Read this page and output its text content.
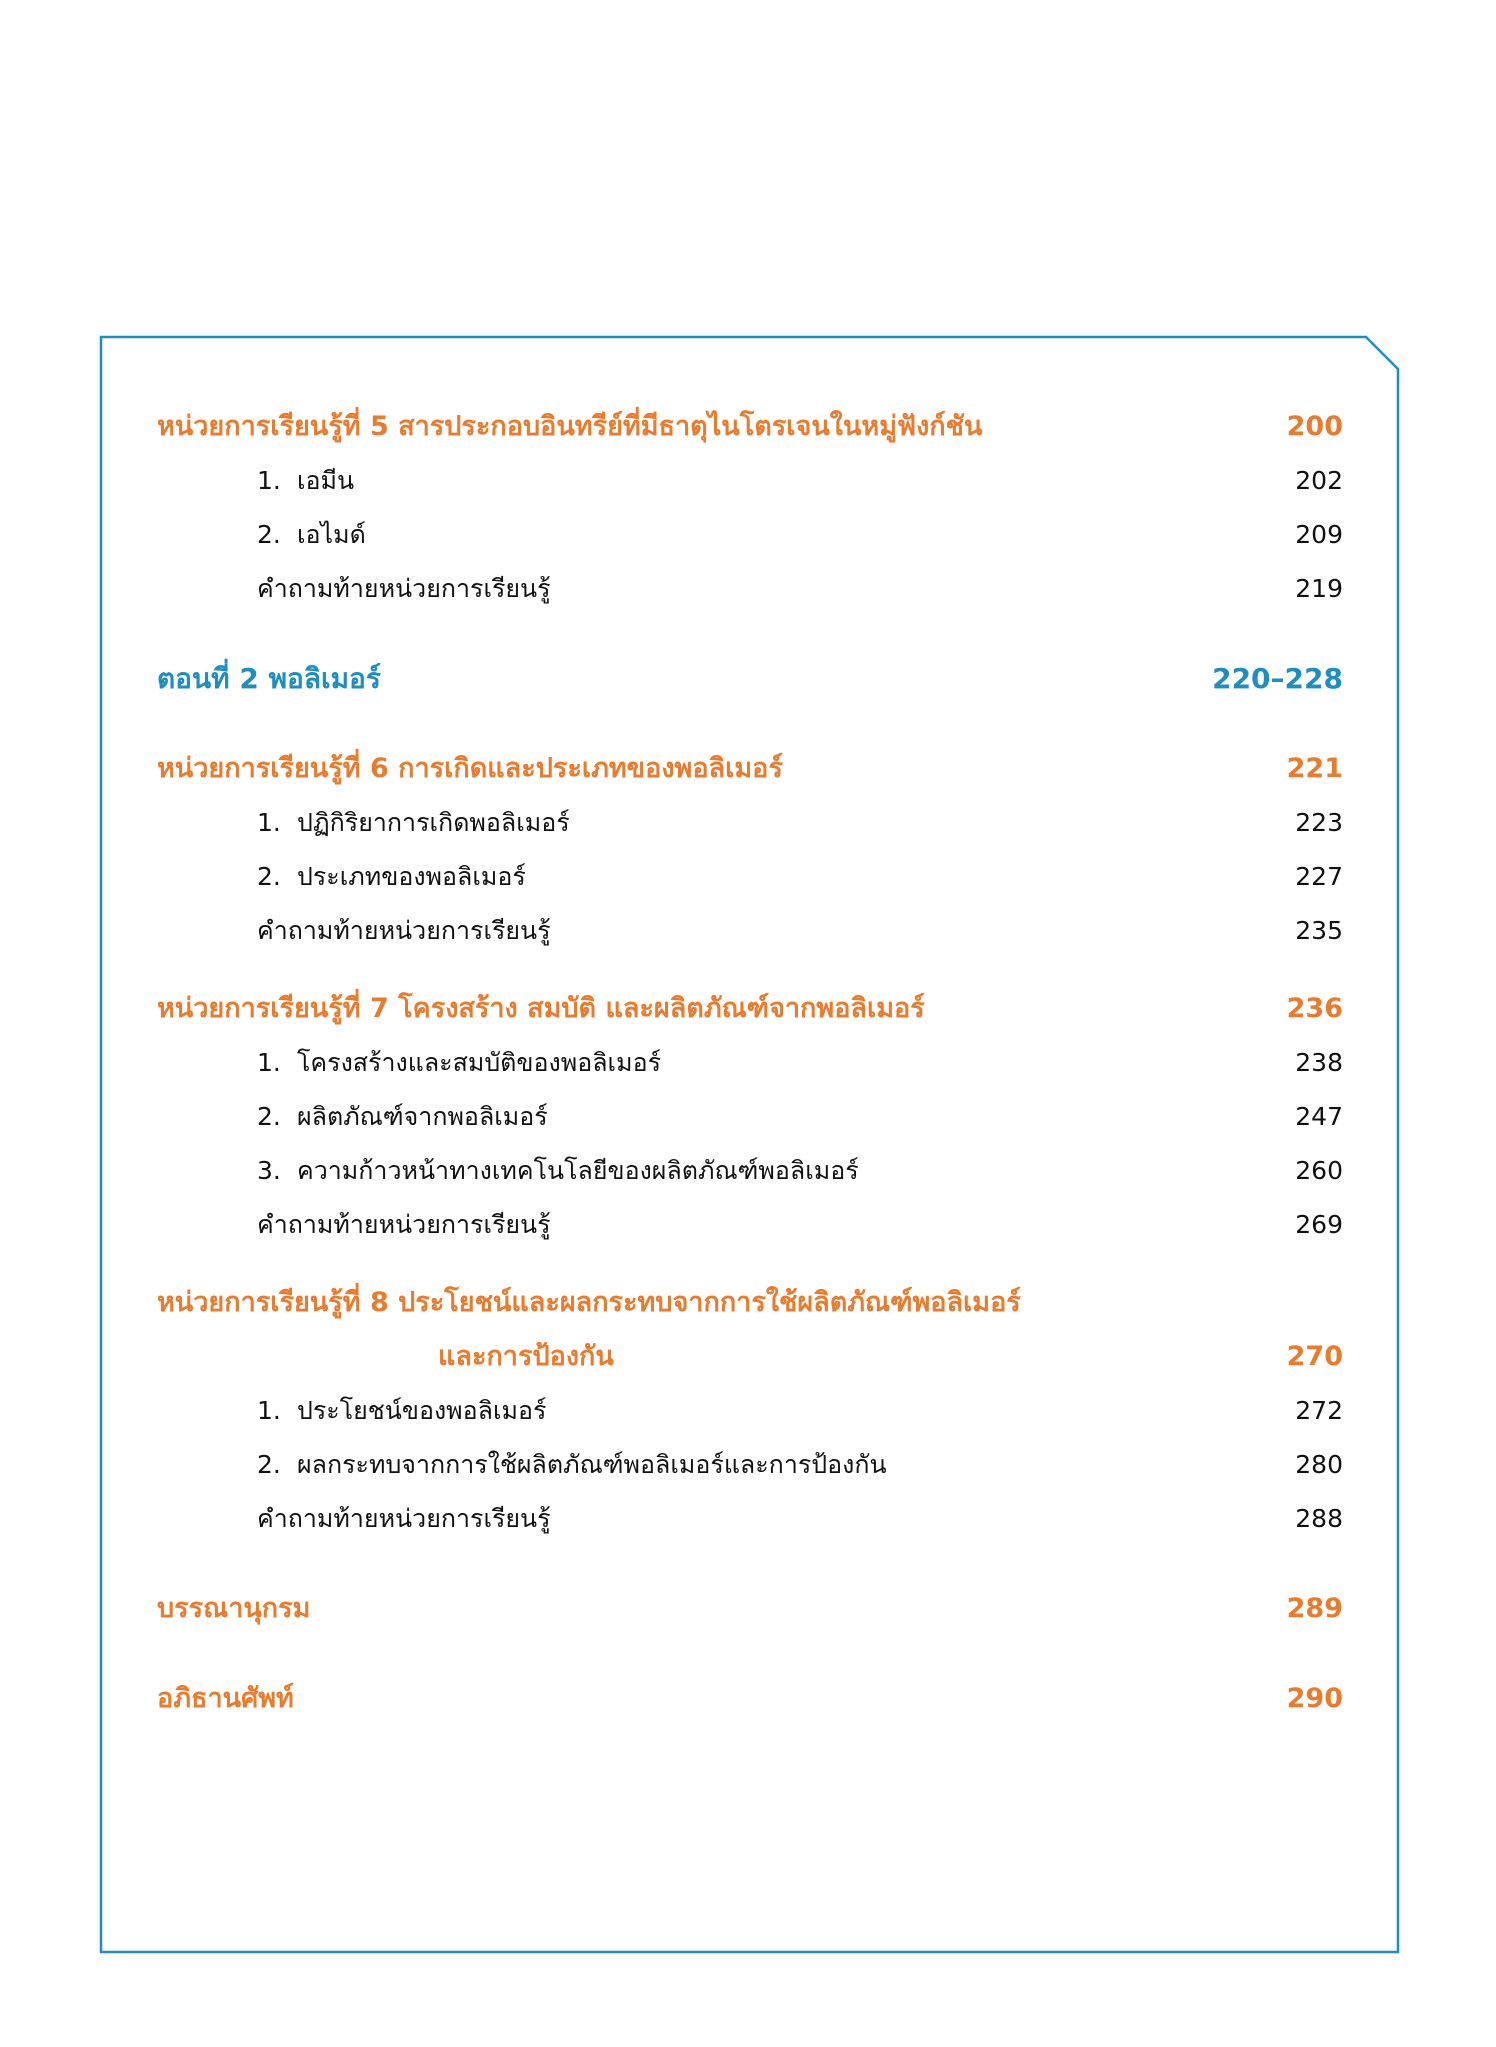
หน่วยการเรียนรู้ที่ 5 สารประกอบอินทรีย์ที่มีธาตุไนโตรเจนในหมู่ฟังก์ชัน	200
1. เอมีน	202
2. เอไมด์	209
คำถามท้ายหน่วยการเรียนรู้	219
ตอนที่ 2 พอลิเมอร์	220–228
หน่วยการเรียนรู้ที่ 6 การเกิดและประเภทของพอลิเมอร์	221
1. ปฏิกิริยาการเกิดพอลิเมอร์	223
2. ประเภทของพอลิเมอร์	227
คำถามท้ายหน่วยการเรียนรู้	235
หน่วยการเรียนรู้ที่ 7 โครงสร้าง สมบัติ และผลิตภัณฑ์จากพอลิเมอร์	236
1. โครงสร้างและสมบัติของพอลิเมอร์	238
2. ผลิตภัณฑ์จากพอลิเมอร์	247
3. ความก้าวหน้าทางเทคโนโลยีของผลิตภัณฑ์พอลิเมอร์	260
คำถามท้ายหน่วยการเรียนรู้	269
หน่วยการเรียนรู้ที่ 8 ประโยชน์และผลกระทบจากการใช้ผลิตภัณฑ์พอลิเมอร์
และการป้องกัน	270
1. ประโยชน์ของพอลิเมอร์	272
2. ผลกระทบจากการใช้ผลิตภัณฑ์พอลิเมอร์และการป้องกัน	280
คำถามท้ายหน่วยการเรียนรู้	288
บรรณานุกรม	289
อภิธานศัพท์	290
